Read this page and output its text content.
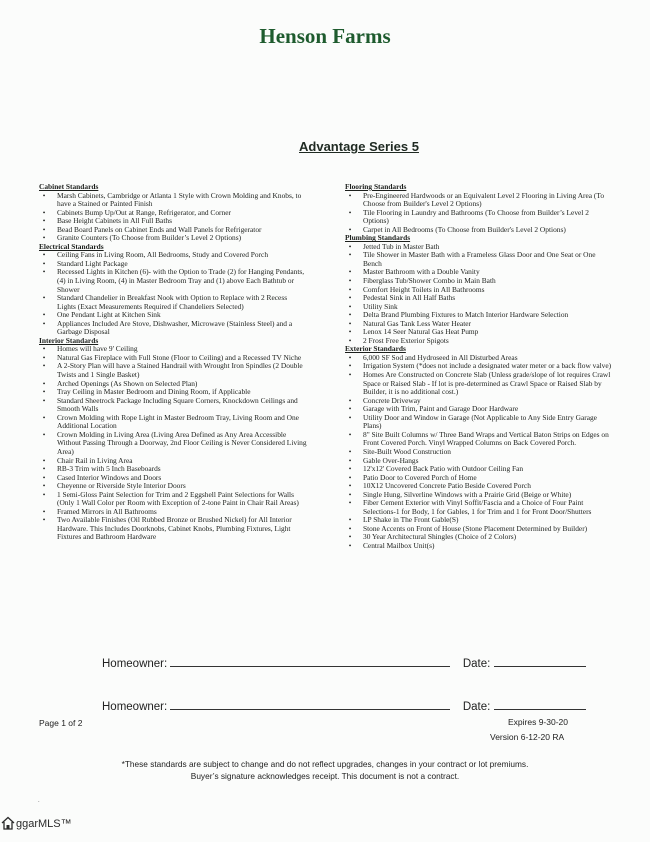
Henson Farms
Advantage Series 5
Cabinet Standards
•	Marsh Cabinets, Cambridge or Atlanta 1 Style with Crown Molding and Knobs, to have a Stained or Painted Finish
•	Cabinets Bump Up/Out at Range, Refrigerator, and Corner
•	Base Height Cabinets in All Full Baths
•	Bead Board Panels on Cabinet Ends and Wall Panels for Refrigerator
•	Granite Counters (To Choose from Builder’s Level 2 Options)
Electrical Standards
•	Ceiling Fans in Living Room, All Bedrooms, Study and Covered Porch
•	Standard Light Package
•	Recessed Lights in Kitchen (6)- with the Option to Trade (2) for Hanging Pendants, (4) in Living Room, (4) in Master Bedroom Tray and (1) above Each Bathtub or Shower
•	Standard Chandelier in Breakfast Nook with Option to Replace with 2 Recess Lights (Exact Measurements Required if Chandeliers Selected)
•	One Pendant Light at Kitchen Sink
•	Appliances Included Are Stove, Dishwasher, Microwave (Stainless Steel) and a Garbage Disposal
Interior Standards
•	Homes will have 9' Ceiling
•	Natural Gas Fireplace with Full Stone (Floor to Ceiling) and a Recessed TV Niche
•	A 2-Story Plan will have a Stained Handrail with Wrought Iron Spindles (2 Double Twists and 1 Single Basket)
•	Arched Openings (As Shown on Selected Plan)
•	Tray Ceiling in Master Bedroom and Dining Room, if Applicable
•	Standard Sheetrock Package Including Square Corners, Knockdown Ceilings and Smooth Walls
•	Crown Molding with Rope Light in Master Bedroom Tray, Living Room and One Additional Location
•	Crown Molding in Living Area (Living Area Defined as Any Area Accessible Without Passing Through a Doorway, 2nd Floor Ceiling is Never Considered Living Area)
•	Chair Rail in Living Area
•	RB-3 Trim with 5 Inch Baseboards
•	Cased Interior Windows and Doors
•	Cheyenne or Riverside Style Interior Doors
•	1 Semi-Gloss Paint Selection for Trim and 2 Eggshell Paint Selections for Walls (Only 1 Wall Color per Room with Exception of 2-tone Paint in Chair Rail Areas)
•	Framed Mirrors in All Bathrooms
•	Two Available Finishes (Oil Rubbed Bronze or Brushed Nickel) for All Interior Hardware. This Includes Doorknobs, Cabinet Knobs, Plumbing Fixtures, Light Fixtures and Bathroom Hardware
Flooring Standards
•	Pre-Engineered Hardwoods or an Equivalent Level 2 Flooring in Living Area (To Choose from Builder's Level 2 Options)
•	Tile Flooring in Laundry and Bathrooms (To Choose from Builder’s Level 2 Options)
•	Carpet in All Bedrooms (To Choose from Builder's Level 2 Options)
Plumbing Standards
•	Jetted Tub in Master Bath
•	Tile Shower in Master Bath with a Frameless Glass Door and One Seat or One Bench
•	Master Bathroom with a Double Vanity
•	Fiberglass Tub/Shower Combo in Main Bath
•	Comfort Height Toilets in All Bathrooms
•	Pedestal Sink in All Half Baths
•	Utility Sink
•	Delta Brand Plumbing Fixtures to Match Interior Hardware Selection
•	Natural Gas Tank Less Water Heater
•	Lenox 14 Seer Natural Gas Heat Pump
•	2 Frost Free Exterior Spigots
Exterior Standards
•	6,000 SF Sod and Hydroseed in All Disturbed Areas
•	Irrigation System (*does not include a designated water meter or a back flow valve)
•	Homes Are Constructed on Concrete Slab (Unless grade/slope of lot requires Crawl Space or Raised Slab - If lot is pre-determined as Crawl Space or Raised Slab by Builder, it is no additional cost.)
•	Concrete Driveway
•	Garage with Trim, Paint and Garage Door Hardware
•	Utility Door and Window in Garage (Not Applicable to Any Side Entry Garage Plans)
•	8" Site Built Columns w/ Three Band Wraps and Vertical Baton Strips on Edges on Front Covered Porch. Vinyl Wrapped Columns on Back Covered Porch.
•	Site-Built Wood Construction
•	Gable Over-Hangs
•	12'x12' Covered Back Patio with Outdoor Ceiling Fan
•	Patio Door to Covered Porch of Home
•	10X12 Uncovered Concrete Patio Beside Covered Porch
•	Single Hung, Silverline Windows with a Prairie Grid (Beige or White)
•	Fiber Cement Exterior with Vinyl Soffit/Fascia and a Choice of Four Paint Selections-1 for Body, 1 for Gables, 1 for Trim and 1 for Front Door/Shutters
•	LP Shake in The Front Gable(S)
•	Stone Accents on Front of House (Stone Placement Determined by Builder)
•	30 Year Architectural Shingles (Choice of 2 Colors)
•	Central Mailbox Unit(s)
Homeowner:	Date:
Homeowner:	Date:
Page 1 of 2	Expires 9-30-20
Version 6-12-20 RA
*These standards are subject to change and do not reflect upgrades, changes in your contract or lot premiums.
Buyer’s signature acknowledges receipt. This document is not a contract.
.
ggarMLS™
